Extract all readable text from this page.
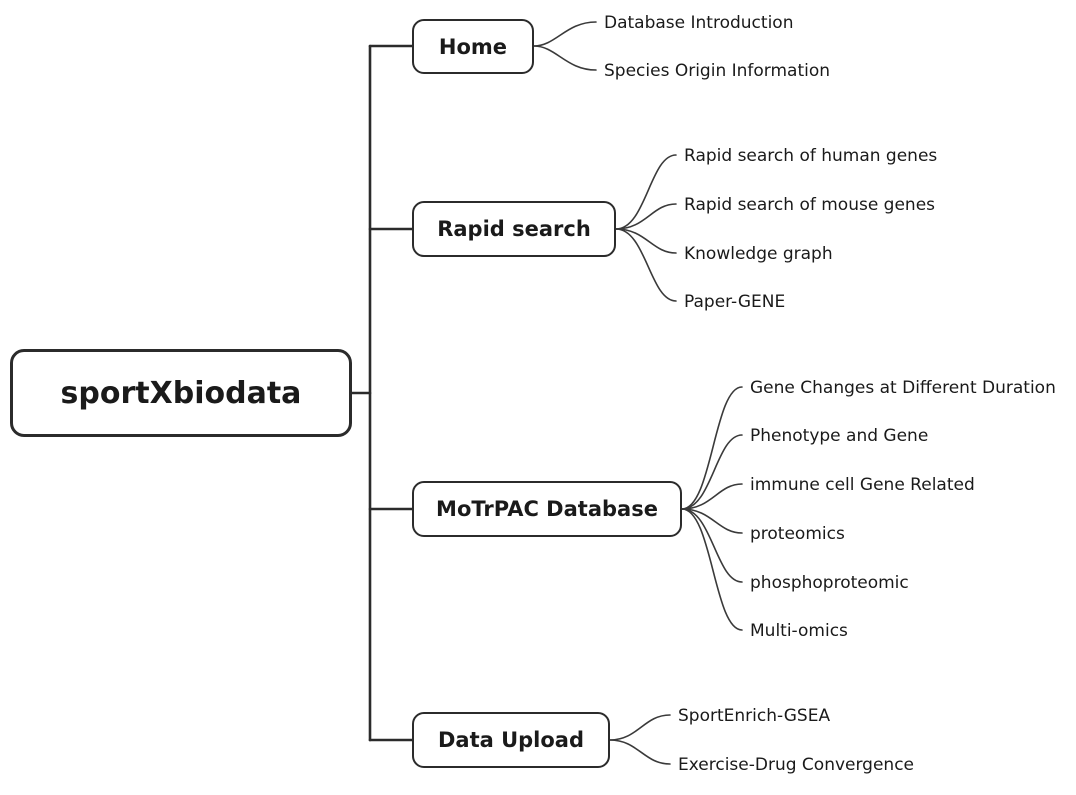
sportXbiodata
Home
Database Introduction
Species Origin Information
Rapid search
Rapid search of human genes
Rapid search of mouse genes
Knowledge graph
Paper-GENE
MoTrPAC Database
Gene Changes at Different Duration
Phenotype and Gene
immune cell Gene Related
proteomics
phosphoproteomic
Multi-omics
Data Upload
SportEnrich-GSEA
Exercise-Drug Convergence
